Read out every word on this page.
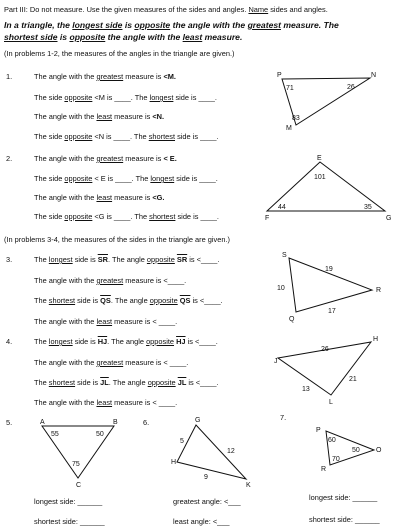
Part III: Do not measure. Use the given measures of the sides and angles. Name sides and angles.
In a triangle, the longest side is opposite the angle with the greatest measure. The
shortest side is opposite the angle with the least measure.
(In problems 1-2, the measures of the angles in the triangle are given.)
1.	The angle with the greatest measure is <M.
The side opposite <M is ____. The longest side is ____.
The angle with the least measure is <N.
The side opposite <N is ____. The shortest side is ____.
2.	The angle with the greatest measure is < E.
The side opposite < E is ____. The longest side is ____.
The angle with the least measure is <G.
The side opposite <G is ____. The shortest side is ____.
(In problems 3-4, the measures of the sides in the triangle are given.)
3.	The longest side is $\overline{SR}$. The angle opposite $\overline{SR}$ is <____.
The angle with the greatest measure is <____.
The shortest side is $\overline{QS}$. The angle opposite $\overline{QS}$ is <____.
The angle with the least measure is < ____.
4.	The longest side is $\overline{HJ}$. The angle opposite $\overline{HJ}$ is <____.
The angle with the greatest measure is < ____.
The shortest side is $\overline{JL}$. The angle opposite $\overline{JL}$ is <____.
The angle with the least measure is < ____.
5.	6.
7.
longest side: ______
shortest side: ______
greatest angle: <___
least angle: <___
longest side: ______
shortest side: ______
P	N
M
71	26
83
E
F	G
101
44	35
S
R
Q
19
10
17
J
H
L
26
21
13
A	B
C
55	50
75
G
H
K
5
12
9
P
O
R
60
50
70
